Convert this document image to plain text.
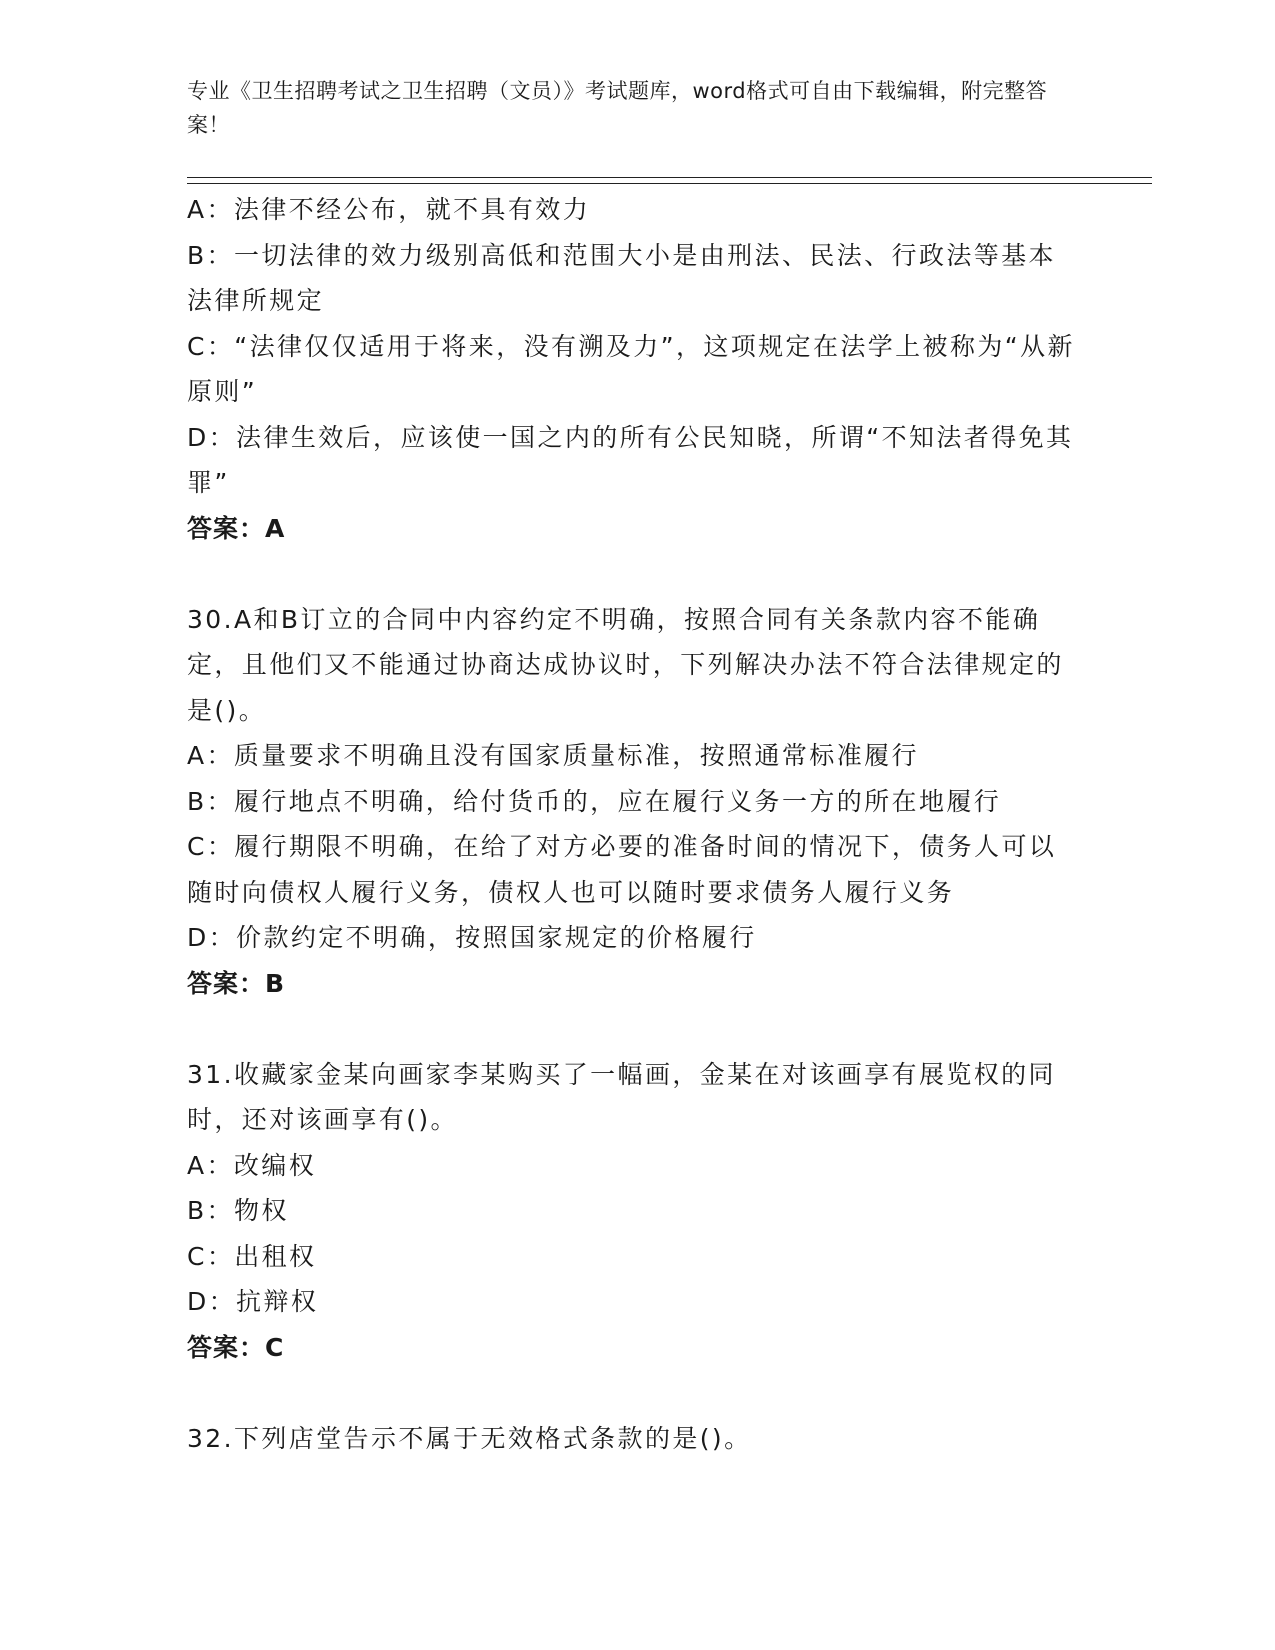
专业《卫生招聘考试之卫生招聘（文员）》考试题库，word格式可自由下载编辑，附完整答案！
A：法律不经公布，就不具有效力
B：一切法律的效力级别高低和范围大小是由刑法、民法、行政法等基本法律所规定
C：“法律仅仅适用于将来，没有溯及力”，这项规定在法学上被称为“从新原则”
D：法律生效后，应该使一国之内的所有公民知晓，所谓“不知法者得免其罪”
答案：A
30.A和B订立的合同中内容约定不明确，按照合同有关条款内容不能确定，且他们又不能通过协商达成协议时，下列解决办法不符合法律规定的是()。
A：质量要求不明确且没有国家质量标准，按照通常标准履行
B：履行地点不明确，给付货币的，应在履行义务一方的所在地履行
C：履行期限不明确，在给了对方必要的准备时间的情况下，债务人可以随时向债权人履行义务，债权人也可以随时要求债务人履行义务
D：价款约定不明确，按照国家规定的价格履行
答案：B
31.收藏家金某向画家李某购买了一幅画，金某在对该画享有展览权的同时，还对该画享有()。
A：改编权
B：物权
C：出租权
D：抗辩权
答案：C
32.下列店堂告示不属于无效格式条款的是()。
